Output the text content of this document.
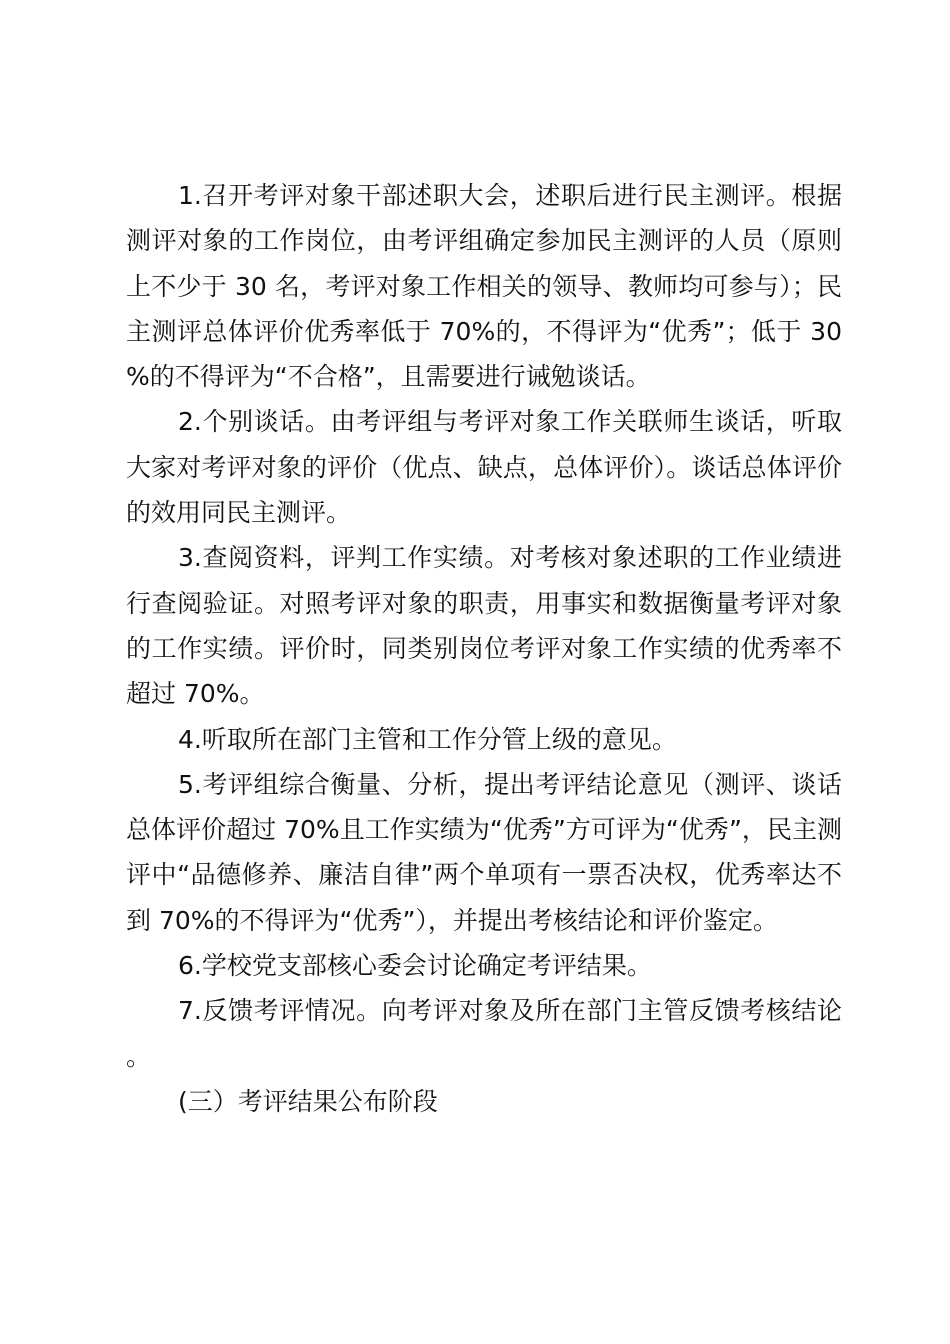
1.召开考评对象干部述职大会，述职后进行民主测评。根据测评对象的工作岗位，由考评组确定参加民主测评的人员（原则上不少于 30 名，考评对象工作相关的领导、教师均可参与）；民主测评总体评价优秀率低于 70%的，不得评为“优秀”；低于 30%的不得评为“不合格”，且需要进行诫勉谈话。

2.个别谈话。由考评组与考评对象工作关联师生谈话，听取大家对考评对象的评价（优点、缺点，总体评价）。谈话总体评价的效用同民主测评。

3.查阅资料，评判工作实绩。对考核对象述职的工作业绩进行查阅验证。对照考评对象的职责，用事实和数据衡量考评对象的工作实绩。评价时，同类别岗位考评对象工作实绩的优秀率不超过 70%。

4.听取所在部门主管和工作分管上级的意见。

5.考评组综合衡量、分析，提出考评结论意见（测评、谈话总体评价超过 70%且工作实绩为“优秀”方可评为“优秀”，民主测评中“品德修养、廉洁自律”两个单项有一票否决权，优秀率达不到 70%的不得评为“优秀”），并提出考核结论和评价鉴定。

6.学校党支部核心委会讨论确定考评结果。

7.反馈考评情况。向考评对象及所在部门主管反馈考核结论。

(三）考评结果公布阶段
